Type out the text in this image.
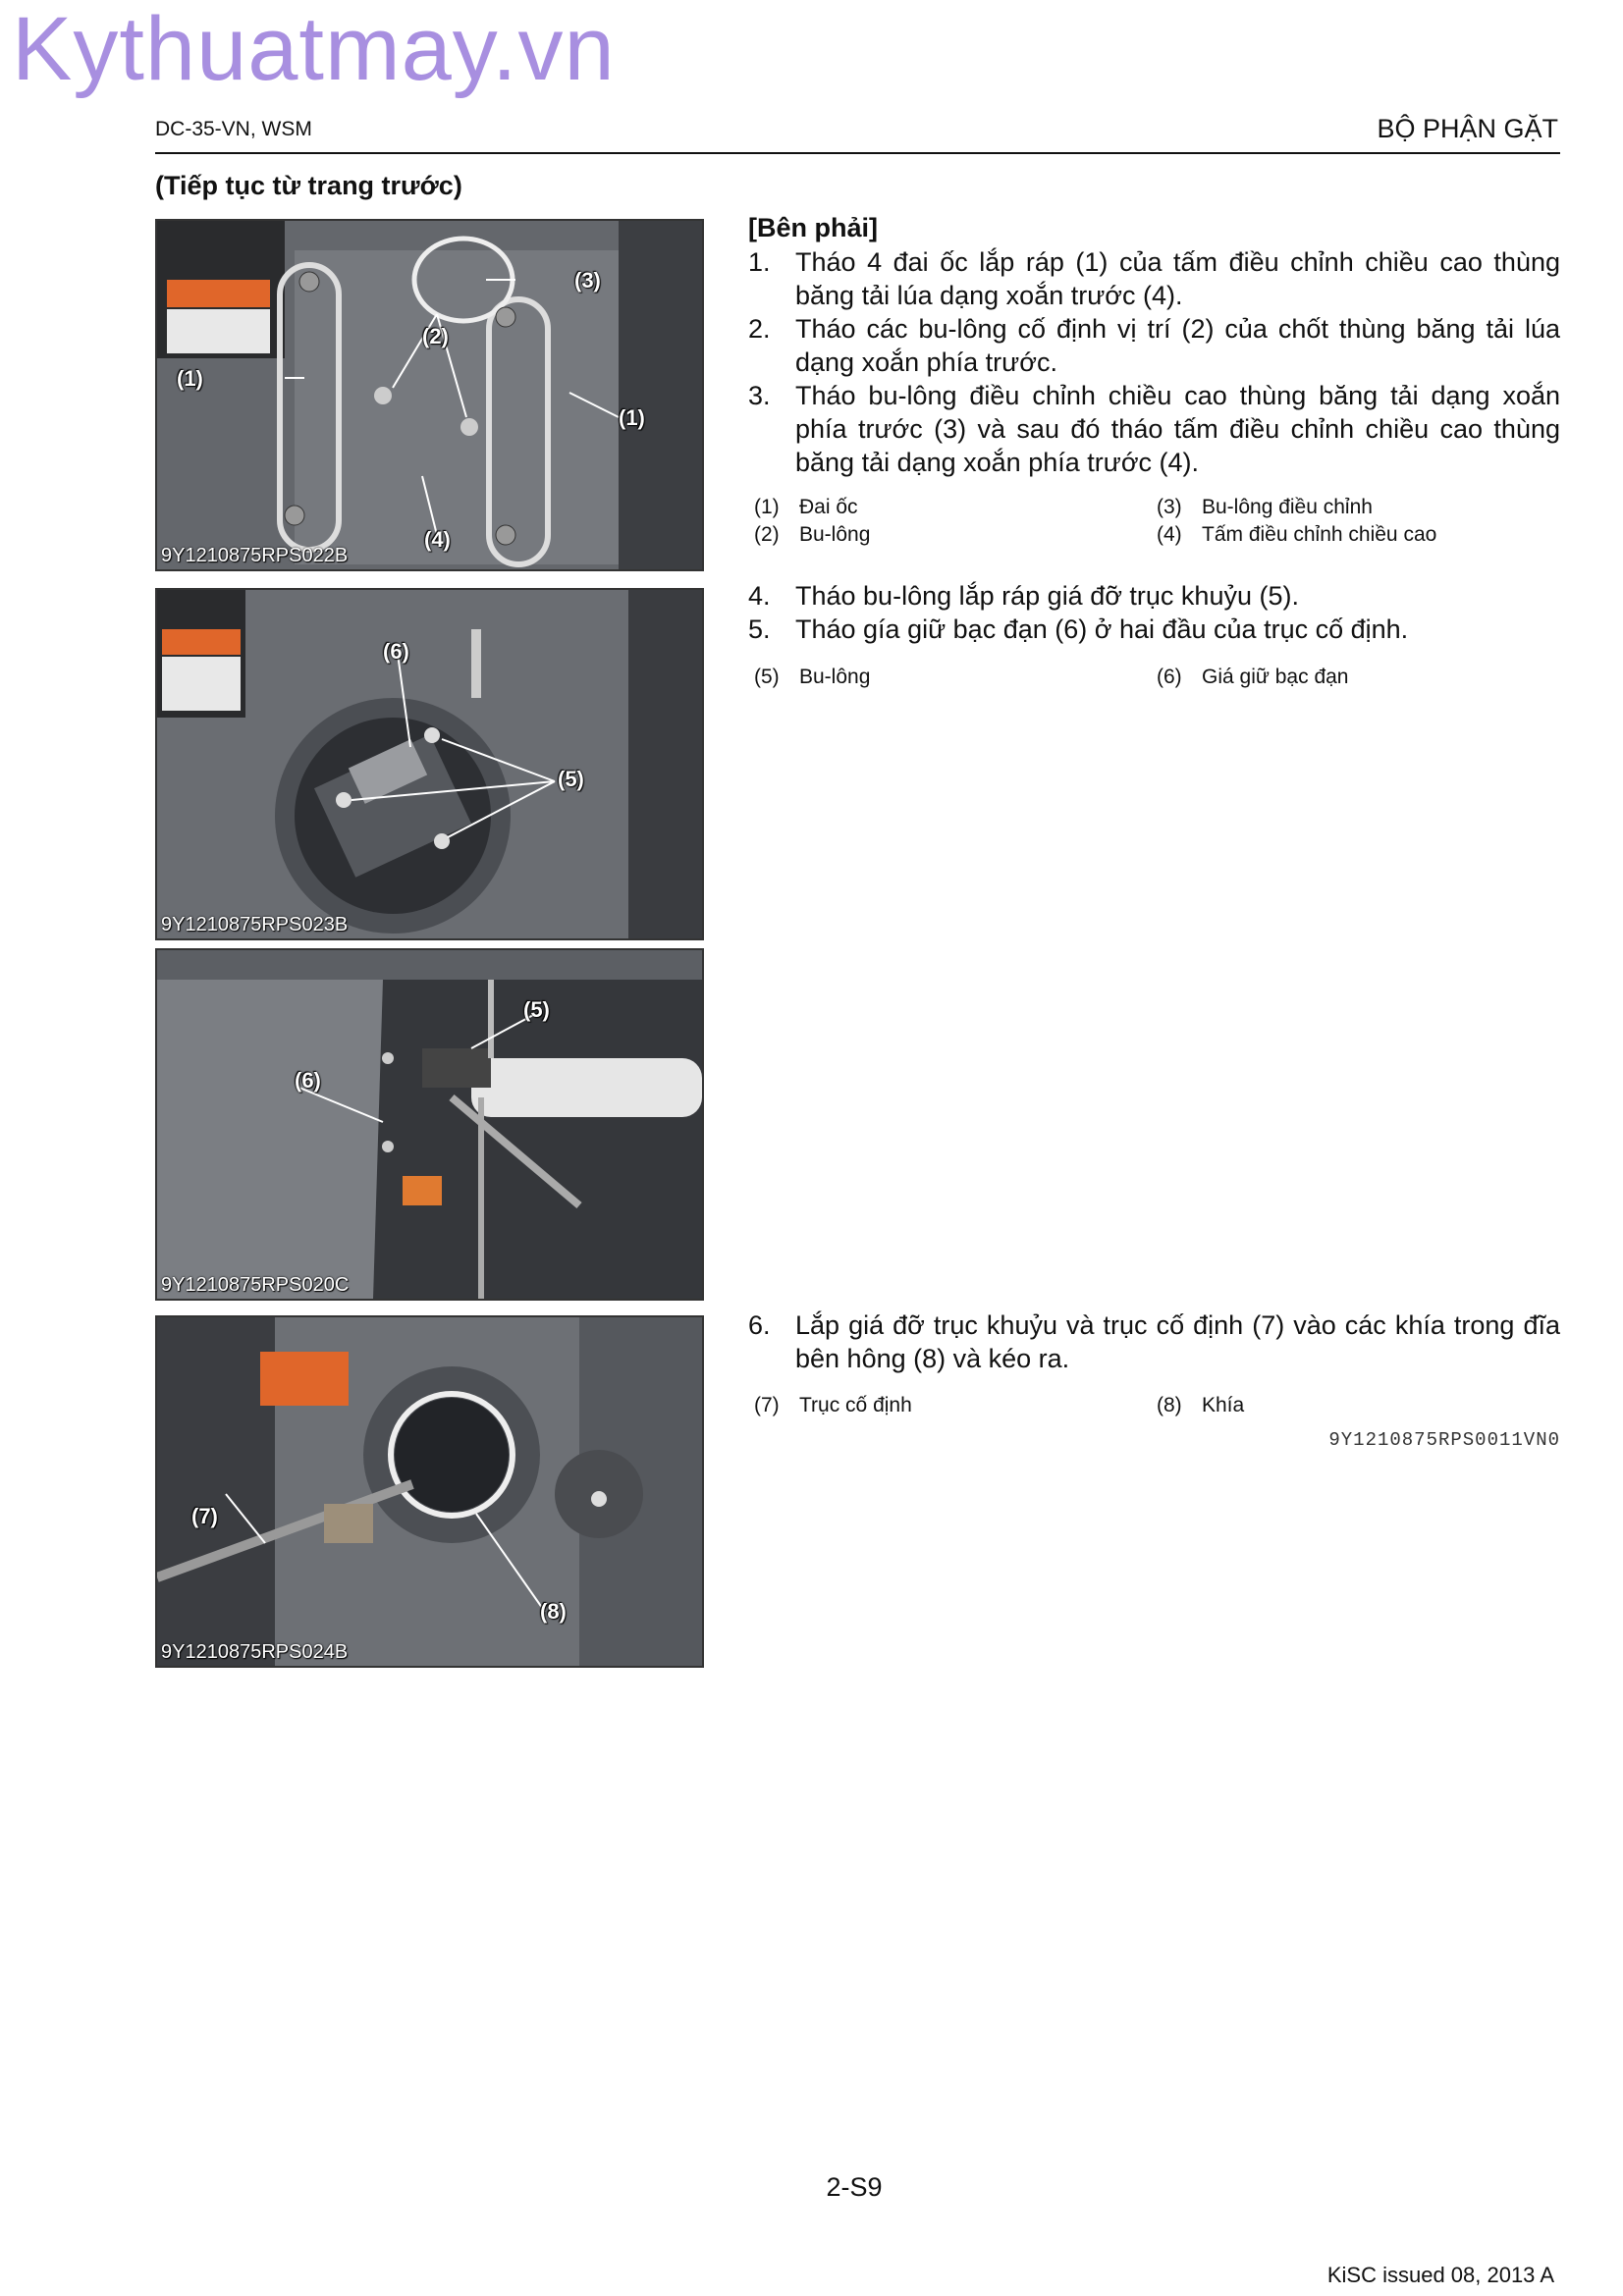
Kythuatmay.vn
DC-35-VN, WSM	BỘ PHẬN GẶT
(Tiếp tục từ trang trước)
(1)
(2)
(3)
(1)
(4)
9Y1210875RPS022B
(6)
(5)
9Y1210875RPS023B
(5)
(6)
9Y1210875RPS020C
(7)
(8)
9Y1210875RPS024B
[Bên phải]
1. Tháo 4 đai ốc lắp ráp (1) của tấm điều chỉnh chiều cao thùng băng tải lúa dạng xoắn trước (4).
2. Tháo các bu-lông cố định vị trí (2) của chốt thùng băng tải lúa dạng xoắn phía trước.
3. Tháo bu-lông điều chỉnh chiều cao thùng băng tải dạng xoắn phía trước (3) và sau đó tháo tấm điều chỉnh chiều cao thùng băng tải dạng xoắn phía trước (4).
(1) Đai ốc	(3) Bu-lông điều chỉnh
(2) Bu-lông	(4) Tấm điều chỉnh chiều cao
4. Tháo bu-lông lắp ráp giá đỡ trục khuỷu (5).
5. Tháo gía giữ bạc đạn (6) ở hai đầu của trục cố định.
(5) Bu-lông	(6) Giá giữ bạc đạn
6. Lắp giá đỡ trục khuỷu và trục cố định (7) vào các khía trong đĩa bên hông (8) và kéo ra.
(7) Trục cố định	(8) Khía
9Y1210875RPS0011VN0
2-S9
KiSC issued 08, 2013 A
